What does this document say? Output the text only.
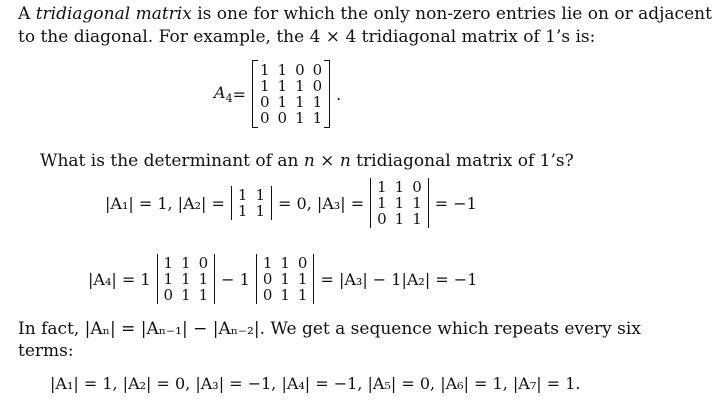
A tridiagonal matrix is one for which the only non-zero entries lie on or adjacent
to the diagonal. For example, the 4 × 4 tridiagonal matrix of 1’s is:
$A_4$ =
1	1	0	0
1	1	1	0
0	1	1	1
0	0	1	1
.
What is the determinant of an n × n tridiagonal matrix of 1’s?
|A₁| = 1, |A₂| = 1	1
1	1 = 0, |A₃| =
1	1	0
1	1	1
0	1	1
= −1
|A₄| = 1
1	1	0
1	1	1
0	1	1
− 1
1	1	0
0	1	1
0	1	1
= |A₃| − 1|A₂| = −1
In fact, |Aₙ| = |Aₙ₋₁| − |Aₙ₋₂|. We get a sequence which repeats every six
terms:
|A₁| = 1, |A₂| = 0, |A₃| = −1, |A₄| = −1, |A₅| = 0, |A₆| = 1, |A₇| = 1.
